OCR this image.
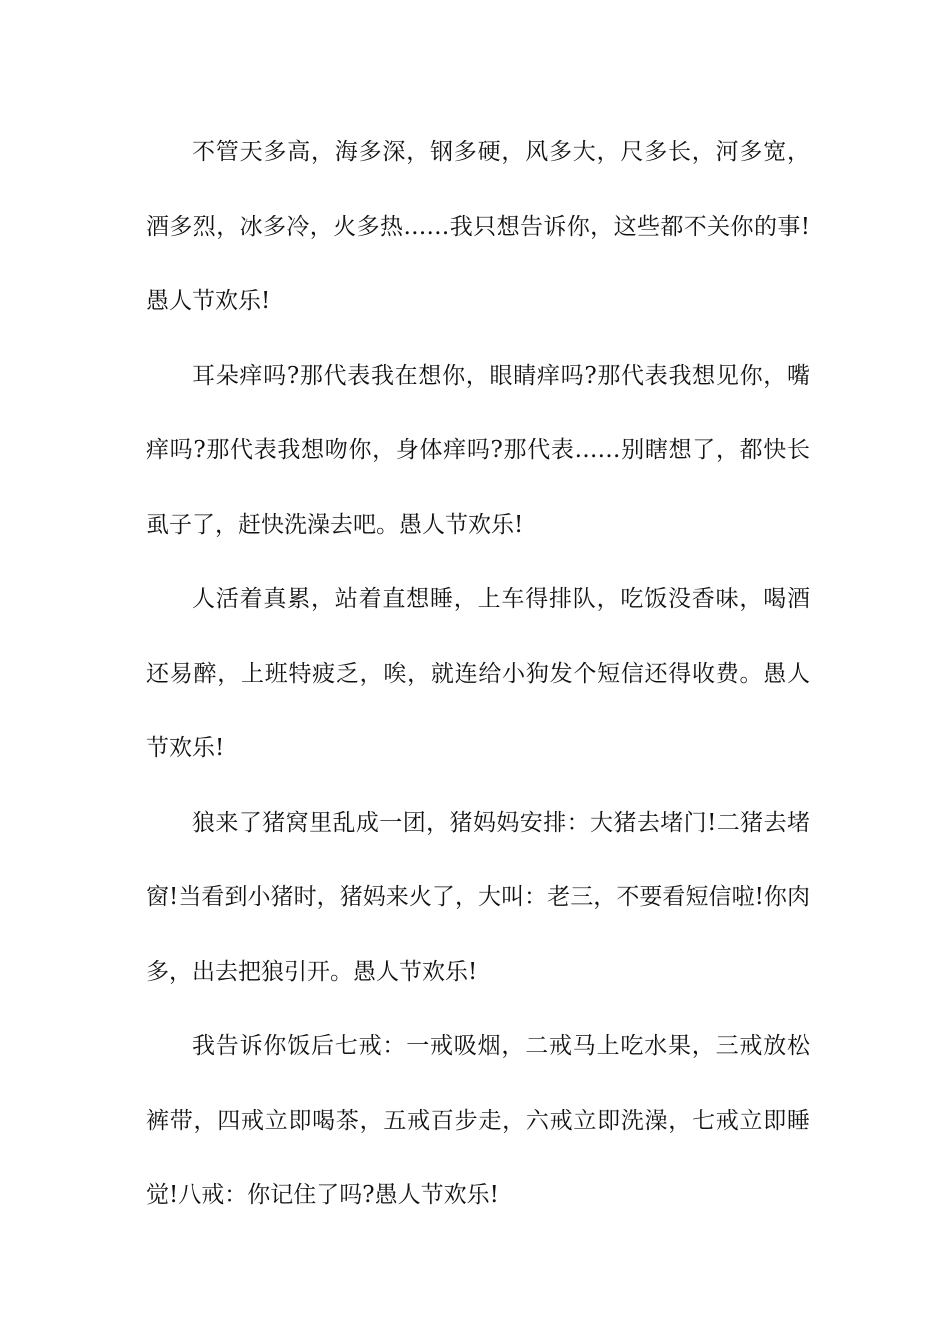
不管天多高，海多深，钢多硬，风多大，尺多长，河多宽，酒多烈，冰多冷，火多热……我只想告诉你，这些都不关你的事!愚人节欢乐!

耳朵痒吗?那代表我在想你，眼睛痒吗?那代表我想见你，嘴痒吗?那代表我想吻你，身体痒吗?那代表……别瞎想了，都快长虱子了，赶快洗澡去吧。愚人节欢乐!

人活着真累，站着直想睡，上车得排队，吃饭没香味，喝酒还易醉，上班特疲乏，唉，就连给小狗发个短信还得收费。愚人节欢乐!

狼来了猪窝里乱成一团，猪妈妈安排：大猪去堵门!二猪去堵窗!当看到小猪时，猪妈来火了，大叫：老三，不要看短信啦!你肉多，出去把狼引开。愚人节欢乐!

我告诉你饭后七戒：一戒吸烟，二戒马上吃水果，三戒放松裤带，四戒立即喝茶，五戒百步走，六戒立即洗澡，七戒立即睡觉!八戒：你记住了吗?愚人节欢乐!
